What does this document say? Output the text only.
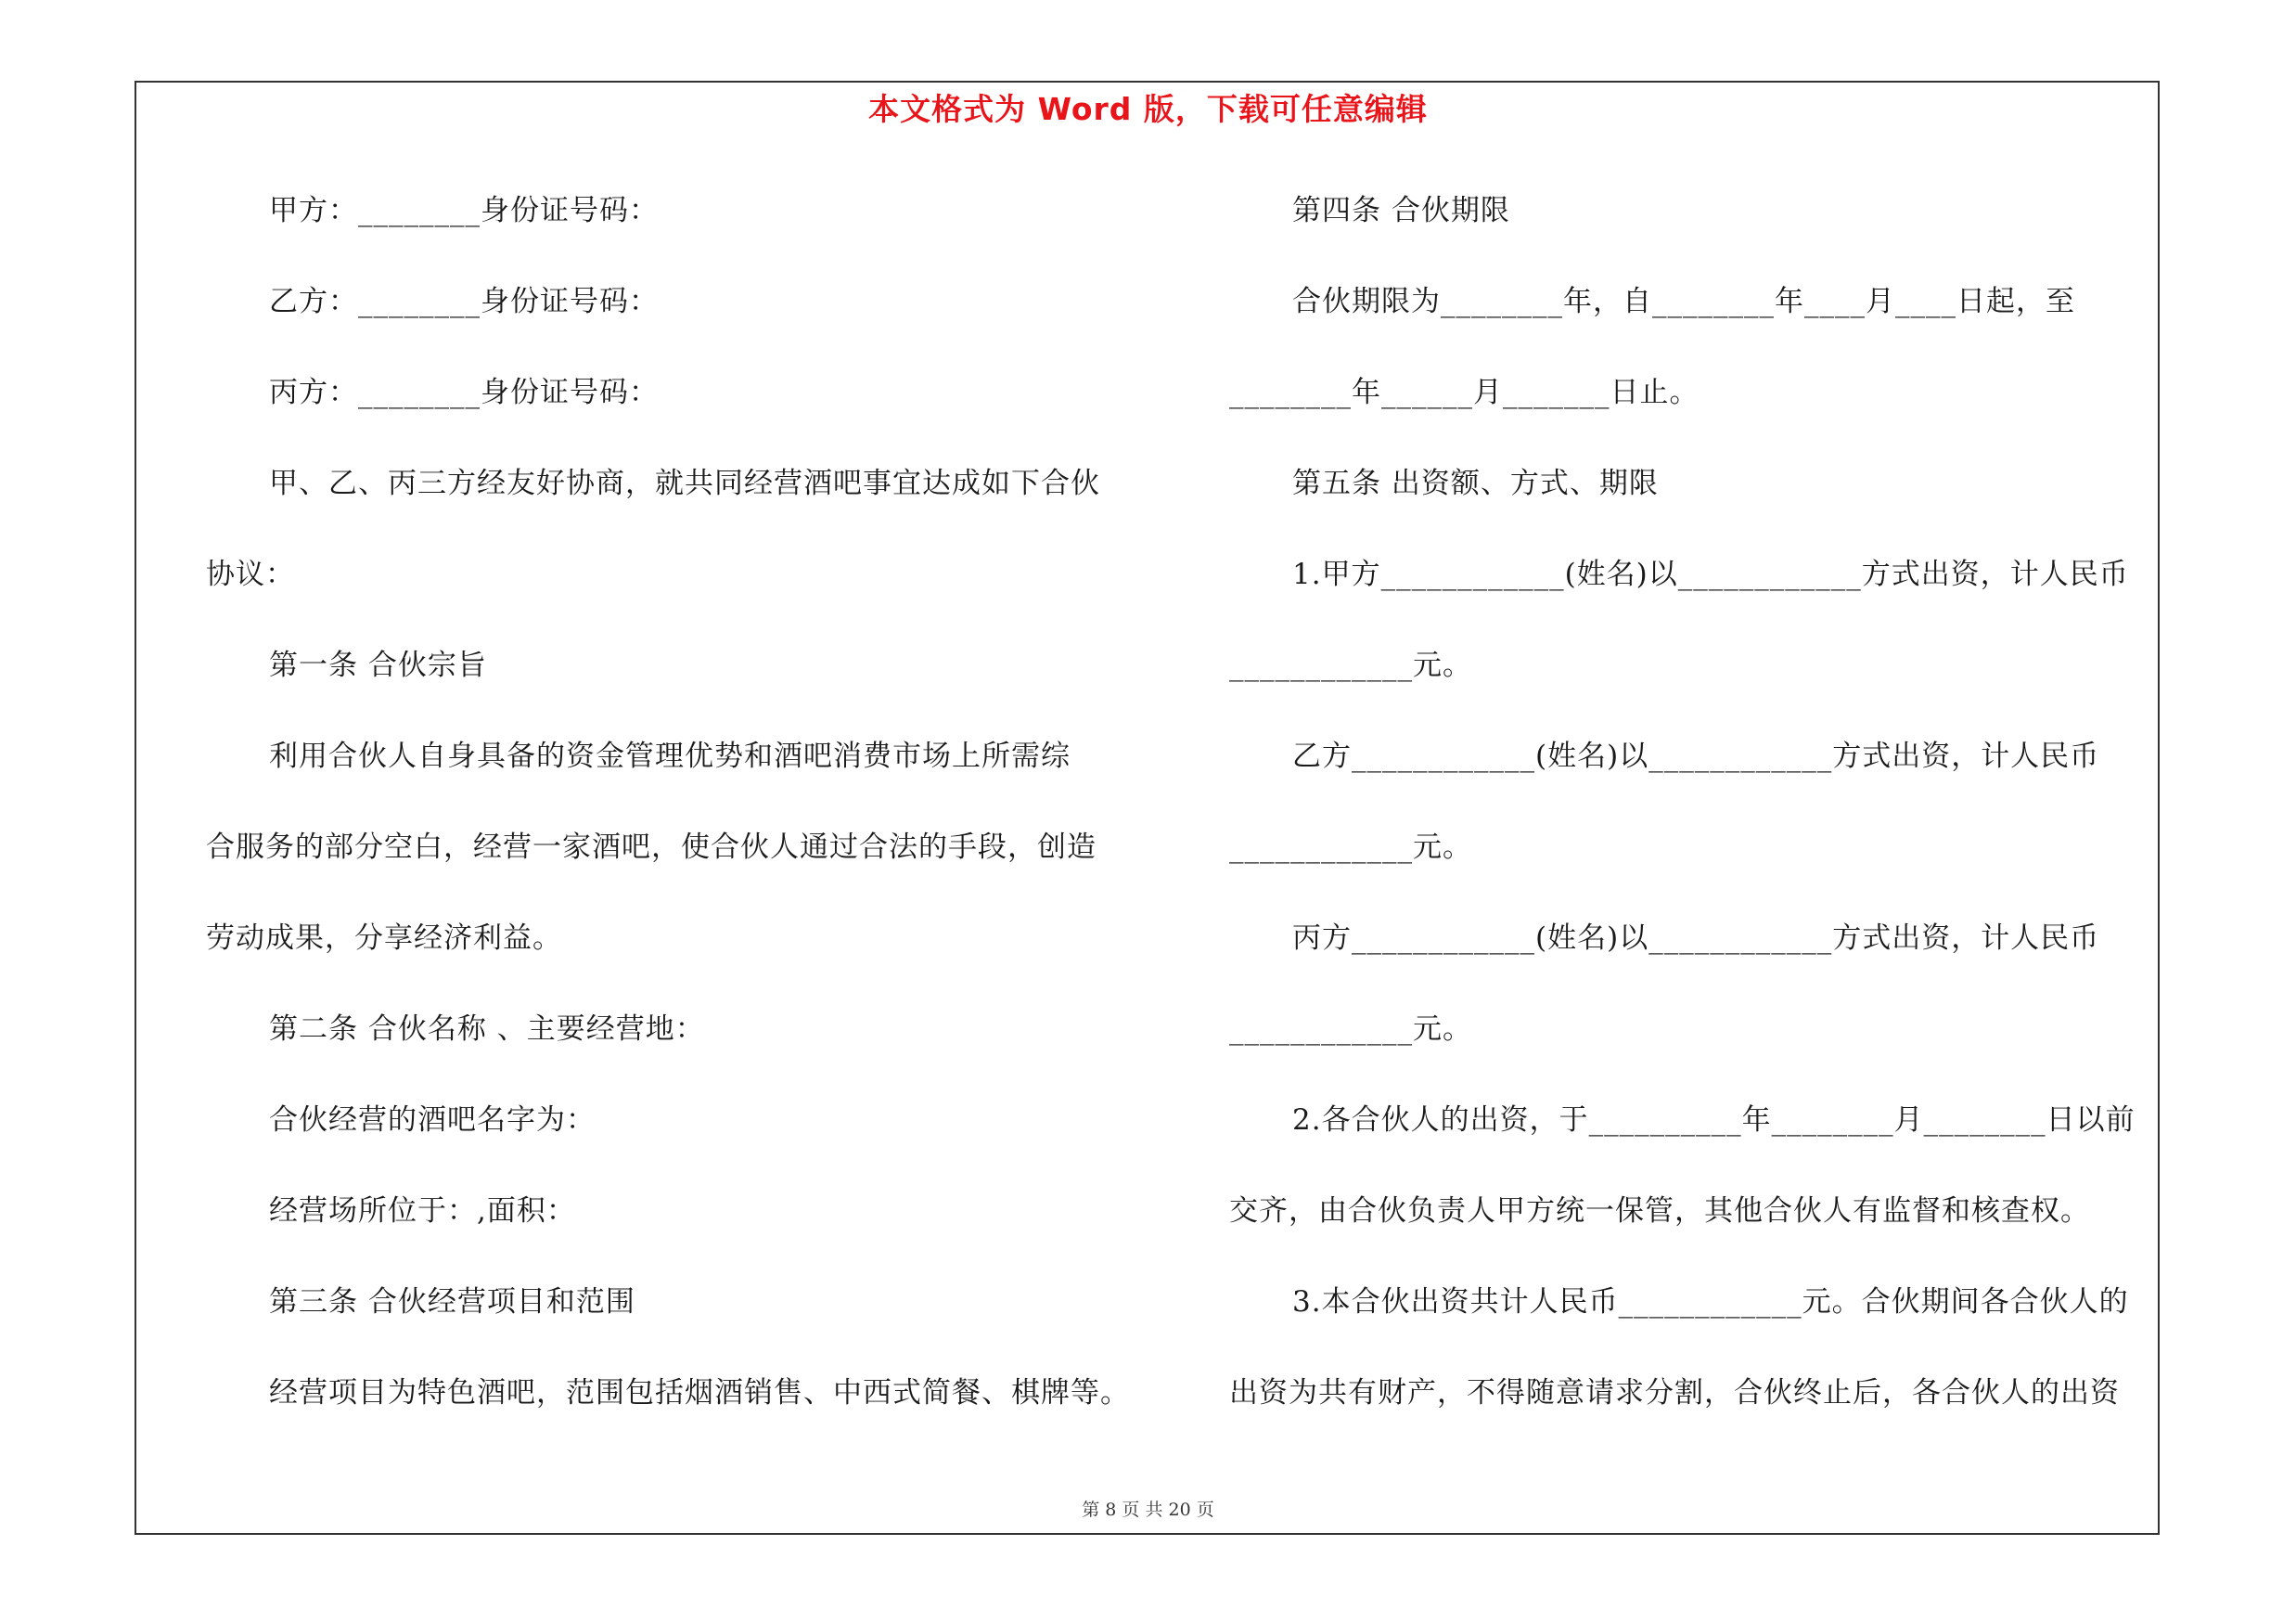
本文格式为 Word 版，下载可任意编辑
甲方：________身份证号码：
乙方：________身份证号码：
丙方：________身份证号码：
甲、乙、丙三方经友好协商，就共同经营酒吧事宜达成如下合伙
协议：
第一条 合伙宗旨
利用合伙人自身具备的资金管理优势和酒吧消费市场上所需综
合服务的部分空白，经营一家酒吧，使合伙人通过合法的手段，创造
劳动成果，分享经济利益。
第二条 合伙名称 、主要经营地：
合伙经营的酒吧名字为：
经营场所位于：,面积：
第三条 合伙经营项目和范围
经营项目为特色酒吧，范围包括烟酒销售、中西式简餐、棋牌等。
第四条 合伙期限
合伙期限为________年，自________年____月____日起，至
________年______月_______日止。
第五条 出资额、方式、期限
1.甲方____________(姓名)以____________方式出资，计人民币
____________元。
乙方____________(姓名)以____________方式出资，计人民币
____________元。
丙方____________(姓名)以____________方式出资，计人民币
____________元。
2.各合伙人的出资，于__________年________月________日以前
交齐，由合伙负责人甲方统一保管，其他合伙人有监督和核查权。
3.本合伙出资共计人民币____________元。合伙期间各合伙人的
出资为共有财产，不得随意请求分割，合伙终止后，各合伙人的出资
第 8 页 共 20 页
